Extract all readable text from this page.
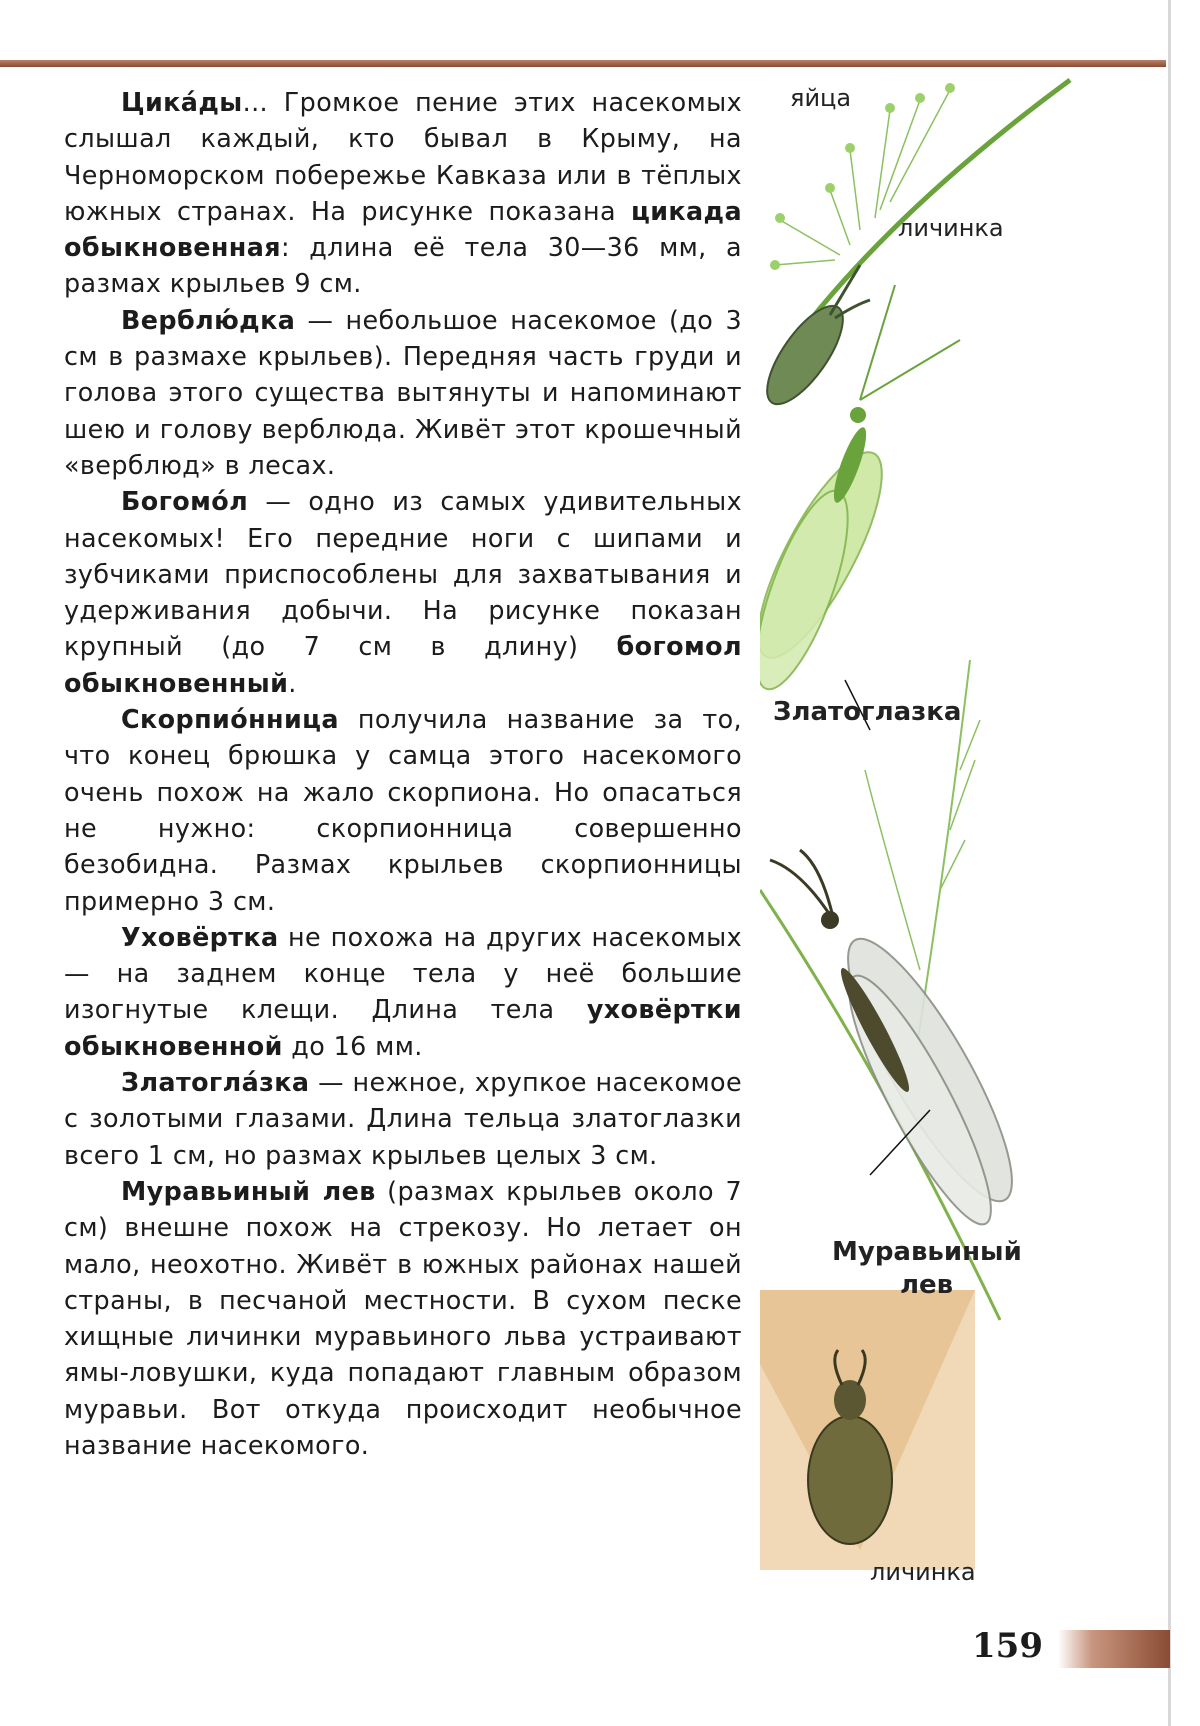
Цика́ды... Громкое пение этих насекомых слышал каждый, кто бывал в Крыму, на Черноморском побережье Кавказа или в тёплых южных странах. На рисунке показана цикада обыкновенная: длина её тела 30—36 мм, а размах крыльев 9 см.

Верблю́дка — небольшое насекомое (до 3 см в размахе крыльев). Передняя часть груди и голова этого существа вытянуты и напоминают шею и голову верблюда. Живёт этот крошечный «верблюд» в лесах.

Богомо́л — одно из самых удивительных насекомых! Его передние ноги с шипами и зубчиками приспособлены для захватывания и удерживания добычи. На рисунке показан крупный (до 7 см в длину) богомол обыкновенный.

Скорпио́нница получила название за то, что конец брюшка у самца этого насекомого очень похож на жало скорпиона. Но опасаться не нужно: скорпионница совершенно безобидна. Размах крыльев скорпионницы примерно 3 см.

Уховёртка не похожа на других насекомых — на заднем конце тела у неё большие изогнутые клещи. Длина тела уховёртки обыкновенной до 16 мм.

Златогла́зка — нежное, хрупкое насекомое с золотыми глазами. Длина тельца златоглазки всего 1 см, но размах крыльев целых 3 см.

Муравьиный лев (размах крыльев около 7 см) внешне похож на стрекозу. Но летает он мало, неохотно. Живёт в южных районах нашей страны, в песчаной местности. В сухом песке хищные личинки муравьиного льва устраивают ямы-ловушки, куда попадают главным образом муравьи. Вот откуда происходит необычное название насекомого.

яйца
личинка
Златоглазка
Муравьиный
лев
личинка
159
